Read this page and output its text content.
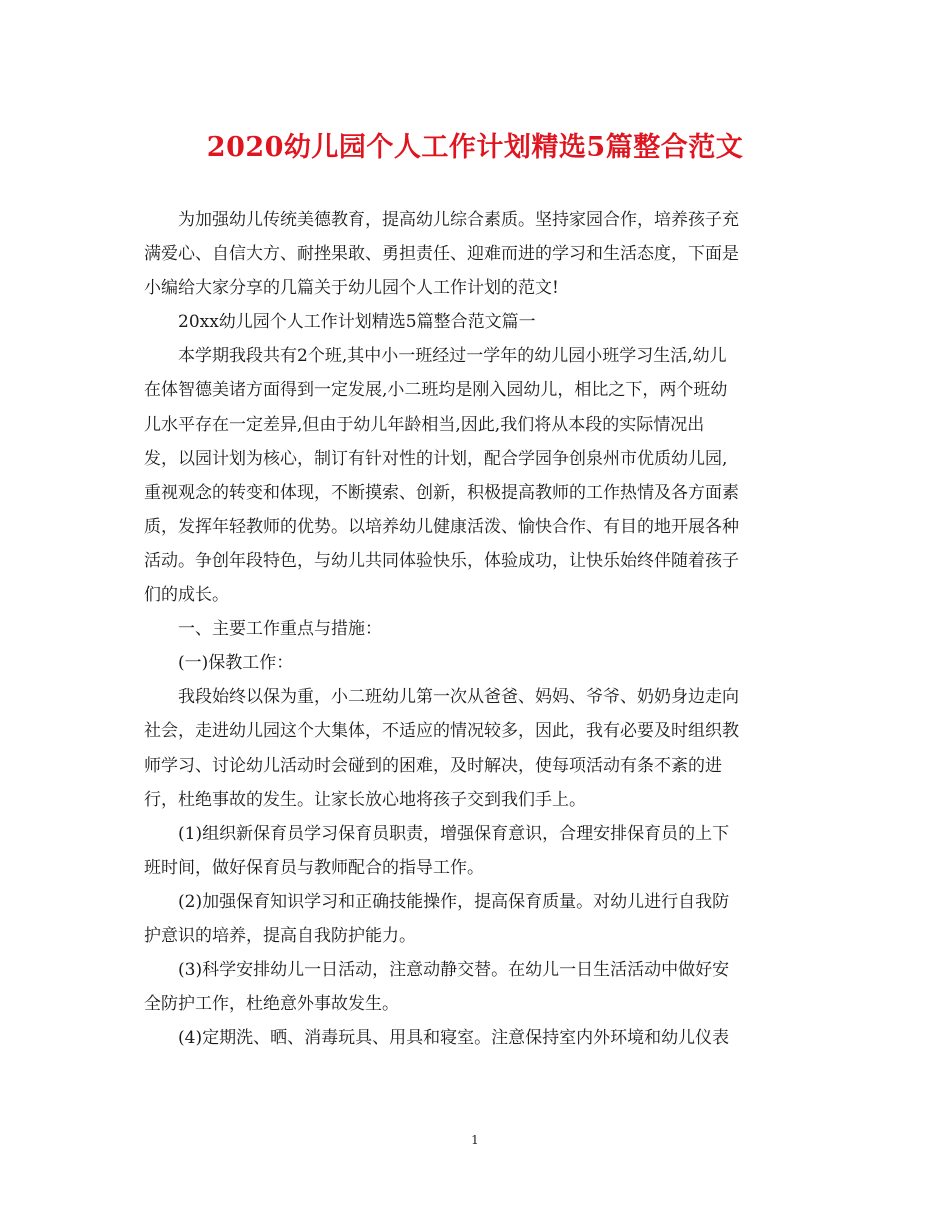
2020幼儿园个人工作计划精选5篇整合范文
为加强幼儿传统美德教育，提高幼儿综合素质。坚持家园合作，培养孩子充
满爱心、自信大方、耐挫果敢、勇担责任、迎难而进的学习和生活态度，下面是
小编给大家分享的几篇关于幼儿园个人工作计划的范文!
20xx幼儿园个人工作计划精选5篇整合范文篇一
本学期我段共有2个班,其中小一班经过一学年的幼儿园小班学习生活,幼儿
在体智德美诸方面得到一定发展,小二班均是刚入园幼儿，相比之下，两个班幼
儿水平存在一定差异,但由于幼儿年龄相当,因此,我们将从本段的实际情况出
发，以园计划为核心，制订有针对性的计划，配合学园争创泉州市优质幼儿园,
重视观念的转变和体现，不断摸索、创新，积极提高教师的工作热情及各方面素
质，发挥年轻教师的优势。以培养幼儿健康活泼、愉快合作、有目的地开展各种
活动。争创年段特色，与幼儿共同体验快乐，体验成功，让快乐始终伴随着孩子
们的成长。
一、主要工作重点与措施：
(一)保教工作：
我段始终以保为重，小二班幼儿第一次从爸爸、妈妈、爷爷、奶奶身边走向
社会，走进幼儿园这个大集体，不适应的情况较多，因此，我有必要及时组织教
师学习、讨论幼儿活动时会碰到的困难，及时解决，使每项活动有条不紊的进
行，杜绝事故的发生。让家长放心地将孩子交到我们手上。
(1)组织新保育员学习保育员职责，增强保育意识，合理安排保育员的上下
班时间，做好保育员与教师配合的指导工作。
(2)加强保育知识学习和正确技能操作，提高保育质量。对幼儿进行自我防
护意识的培养，提高自我防护能力。
(3)科学安排幼儿一日活动，注意动静交替。在幼儿一日生活活动中做好安
全防护工作，杜绝意外事故发生。
(4)定期洗、晒、消毒玩具、用具和寝室。注意保持室内外环境和幼儿仪表
1
